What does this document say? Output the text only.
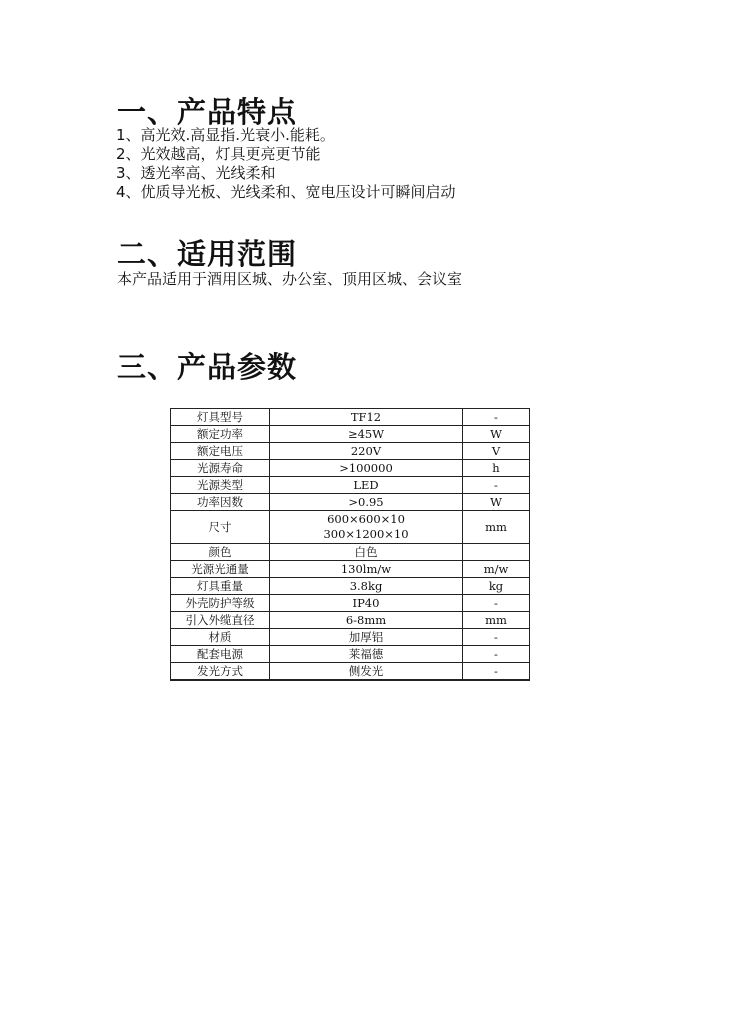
一、产品特点
1、高光效.高显指.光衰小.能耗。
2、光效越高，灯具更亮更节能
3、透光率高、光线柔和
4、优质导光板、光线柔和、宽电压设计可瞬间启动
二、适用范围

本产品适用于酒用区城、办公室、顶用区城、会议室

三、产品参数
灯具型号	TF12	-
额定功率	≥45W	W
额定电压	220V	V
光源寿命	>100000	h
光源类型	LED	-
功率因数	>0.95	W
尺寸	600×600×10
300×1200×10	mm
颜色	白色	

光源光通量	130lm/w	m/w
灯具重量	3.8kg	kg
外壳防护等级	IP40	-
引入外缆直径	6-8mm	mm
材质	加厚铝	-
配套电源	莱福德	-
发光方式	侧发光	-
